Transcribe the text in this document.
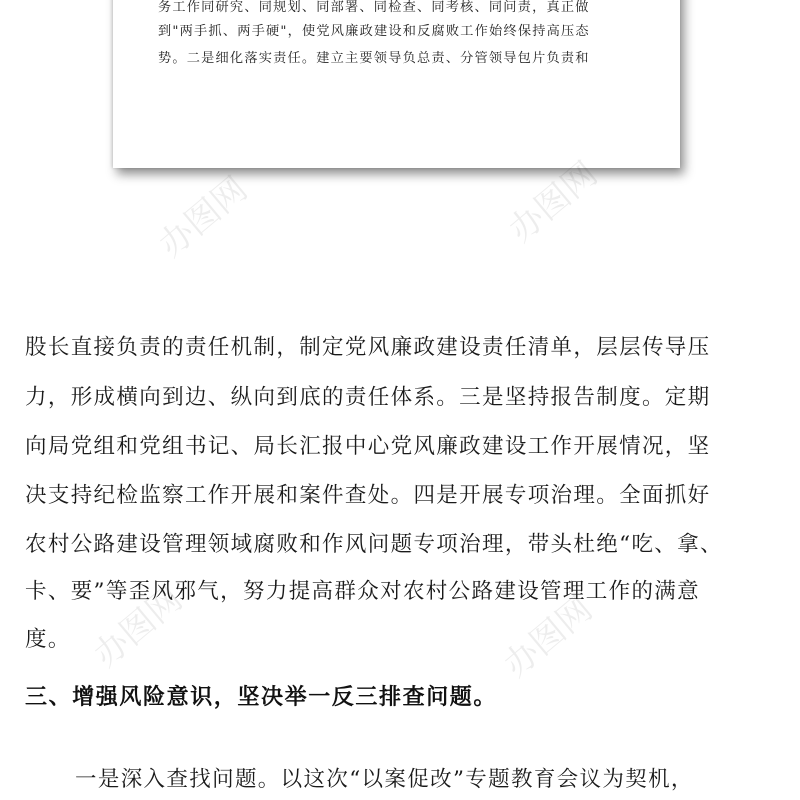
务工作同研究、同规划、同部署、同检查、同考核、同问责，真正做
到"两手抓、两手硬"，使党风廉政建设和反腐败工作始终保持高压态
势。二是细化落实责任。建立主要领导负总责、分管领导包片负责和
办图网	办图网
办图网	办图网
股长直接负责的责任机制，制定党风廉政建设责任清单，层层传导压
力，形成横向到边、纵向到底的责任体系。三是坚持报告制度。定期
向局党组和党组书记、局长汇报中心党风廉政建设工作开展情况，坚
决支持纪检监察工作开展和案件查处。四是开展专项治理。全面抓好
农村公路建设管理领域腐败和作风问题专项治理，带头杜绝“吃、拿、
卡、要”等歪风邪气，努力提高群众对农村公路建设管理工作的满意
度。
三、增强风险意识，坚决举一反三排查问题。
一是深入查找问题。以这次“以案促改”专题教育会议为契机，
